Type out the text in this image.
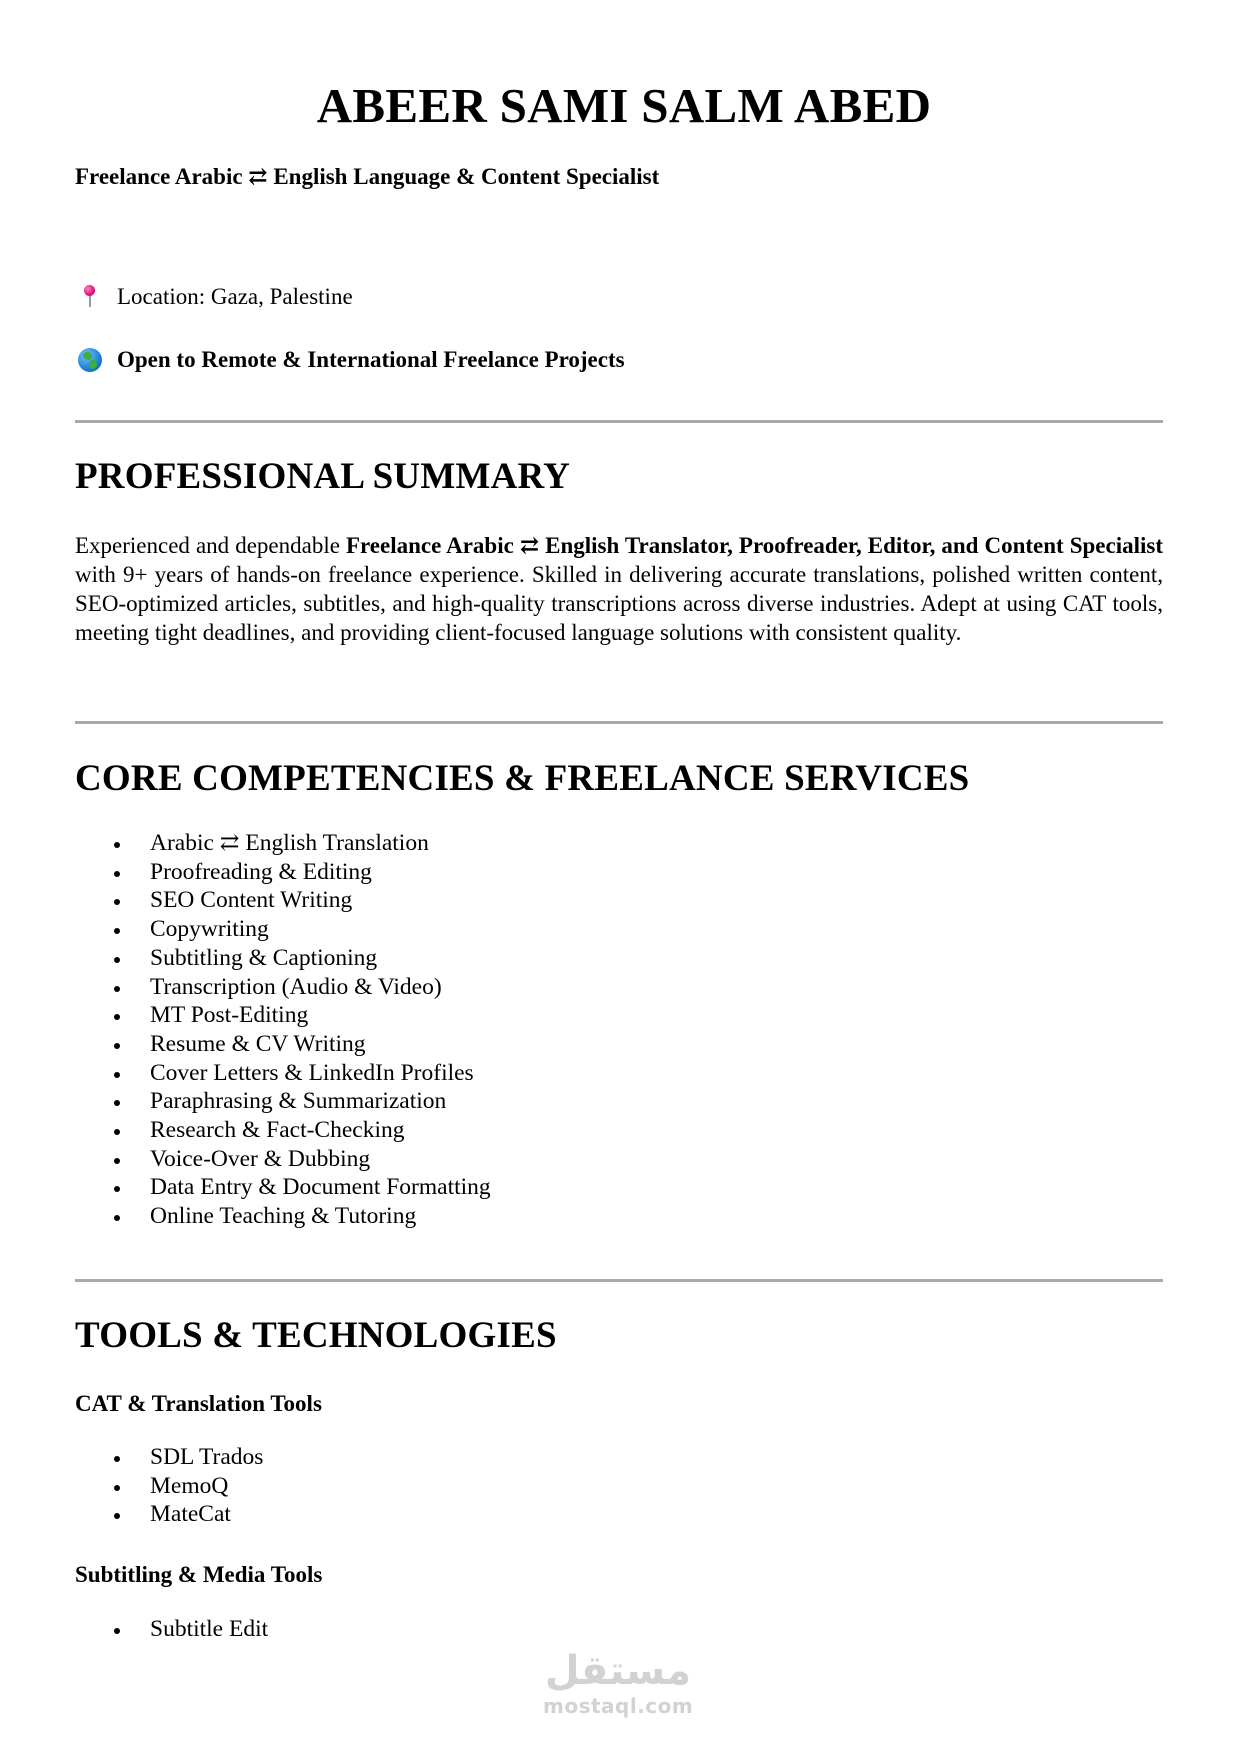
ABEER SAMI SALM ABED
Freelance Arabic ⇄ English Language & Content Specialist
Location: Gaza, Palestine
Open to Remote & International Freelance Projects
PROFESSIONAL SUMMARY
Experienced and dependable Freelance Arabic ⇄ English Translator, Proofreader, Editor, and Content Specialist with 9+ years of hands-on freelance experience. Skilled in delivering accurate translations, polished written content, SEO-optimized articles, subtitles, and high-quality transcriptions across diverse industries. Adept at using CAT tools, meeting tight deadlines, and providing client-focused language solutions with consistent quality.
CORE COMPETENCIES & FREELANCE SERVICES
Arabic ⇄ English Translation
Proofreading & Editing
SEO Content Writing
Copywriting
Subtitling & Captioning
Transcription (Audio & Video)
MT Post-Editing
Resume & CV Writing
Cover Letters & LinkedIn Profiles
Paraphrasing & Summarization
Research & Fact-Checking
Voice-Over & Dubbing
Data Entry & Document Formatting
Online Teaching & Tutoring
TOOLS & TECHNOLOGIES
CAT & Translation Tools
SDL Trados
MemoQ
MateCat
Subtitling & Media Tools
Subtitle Edit
مستقل
mostaql.com
